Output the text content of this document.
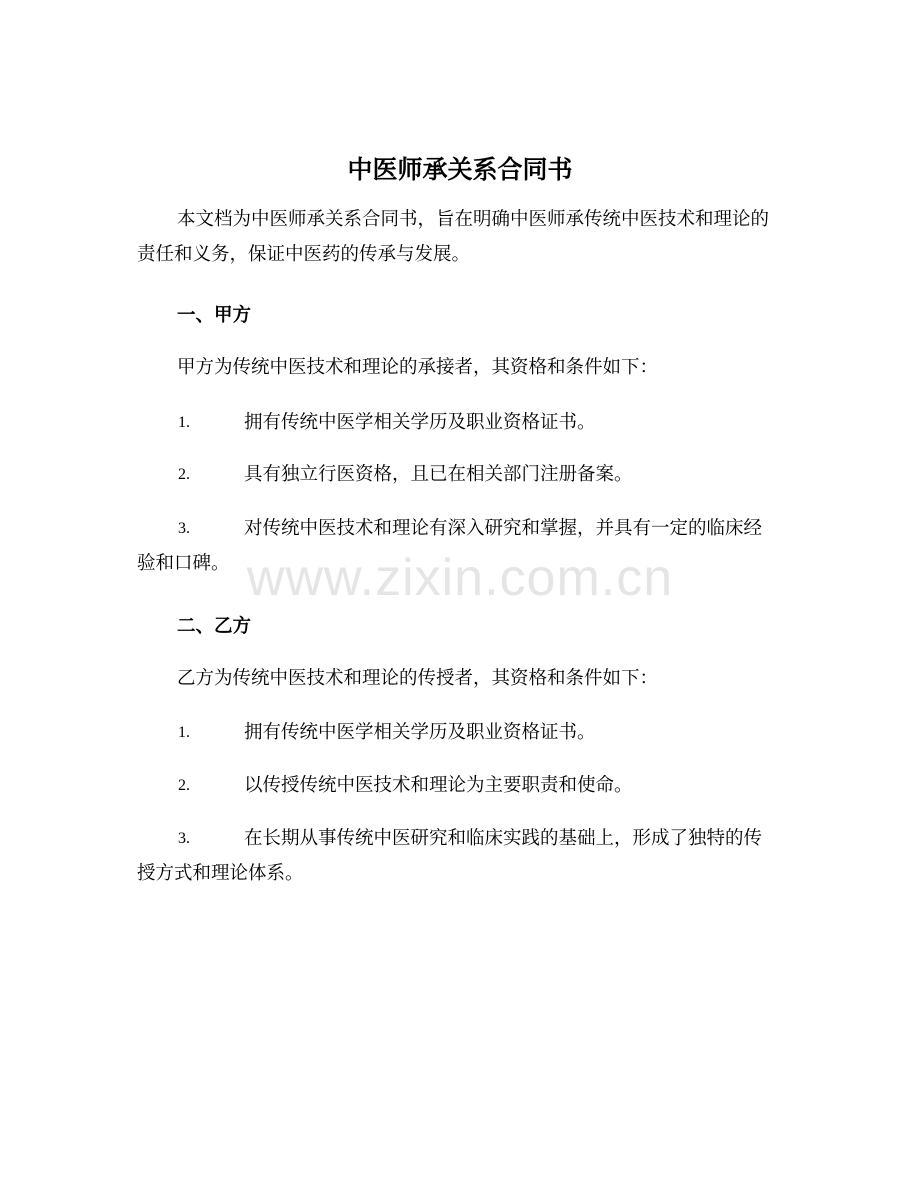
中医师承关系合同书

本文档为中医师承关系合同书，旨在明确中医师承传统中医技术和理论的责任和义务，保证中医药的传承与发展。

一、甲方

甲方为传统中医技术和理论的承接者，其资格和条件如下：

1.	拥有传统中医学相关学历及职业资格证书。
2.	具有独立行医资格，且已在相关部门注册备案。
3.	对传统中医技术和理论有深入研究和掌握，并具有一定的临床经验和口碑。
二、乙方

乙方为传统中医技术和理论的传授者，其资格和条件如下：

1.	拥有传统中医学相关学历及职业资格证书。
2.	以传授传统中医技术和理论为主要职责和使命。
3.	在长期从事传统中医研究和临床实践的基础上，形成了独特的传授方式和理论体系。
www.zixin.com.cn
